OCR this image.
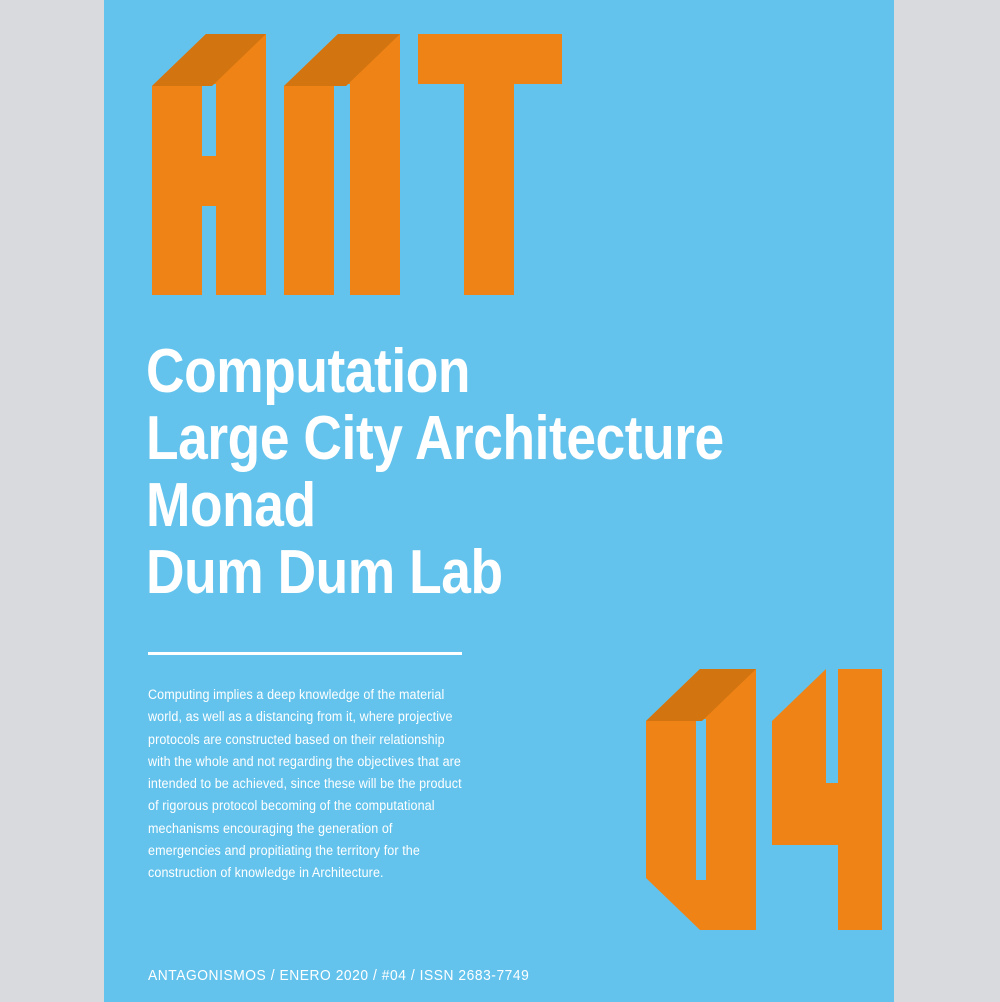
Computation
Large City Architecture
Monad
Dum Dum Lab
Computing implies a deep knowledge of the material world, as well as a distancing from it, where projective protocols are constructed based on their relationship with the whole and not regarding the objectives that are intended to be achieved, since these will be the product of rigorous protocol becoming of the computational mechanisms encouraging the generation of emergencies and propitiating the territory for the construction of knowledge in Architecture.
ANTAGONISMOS / ENERO 2020 / #04 / ISSN 2683-7749
